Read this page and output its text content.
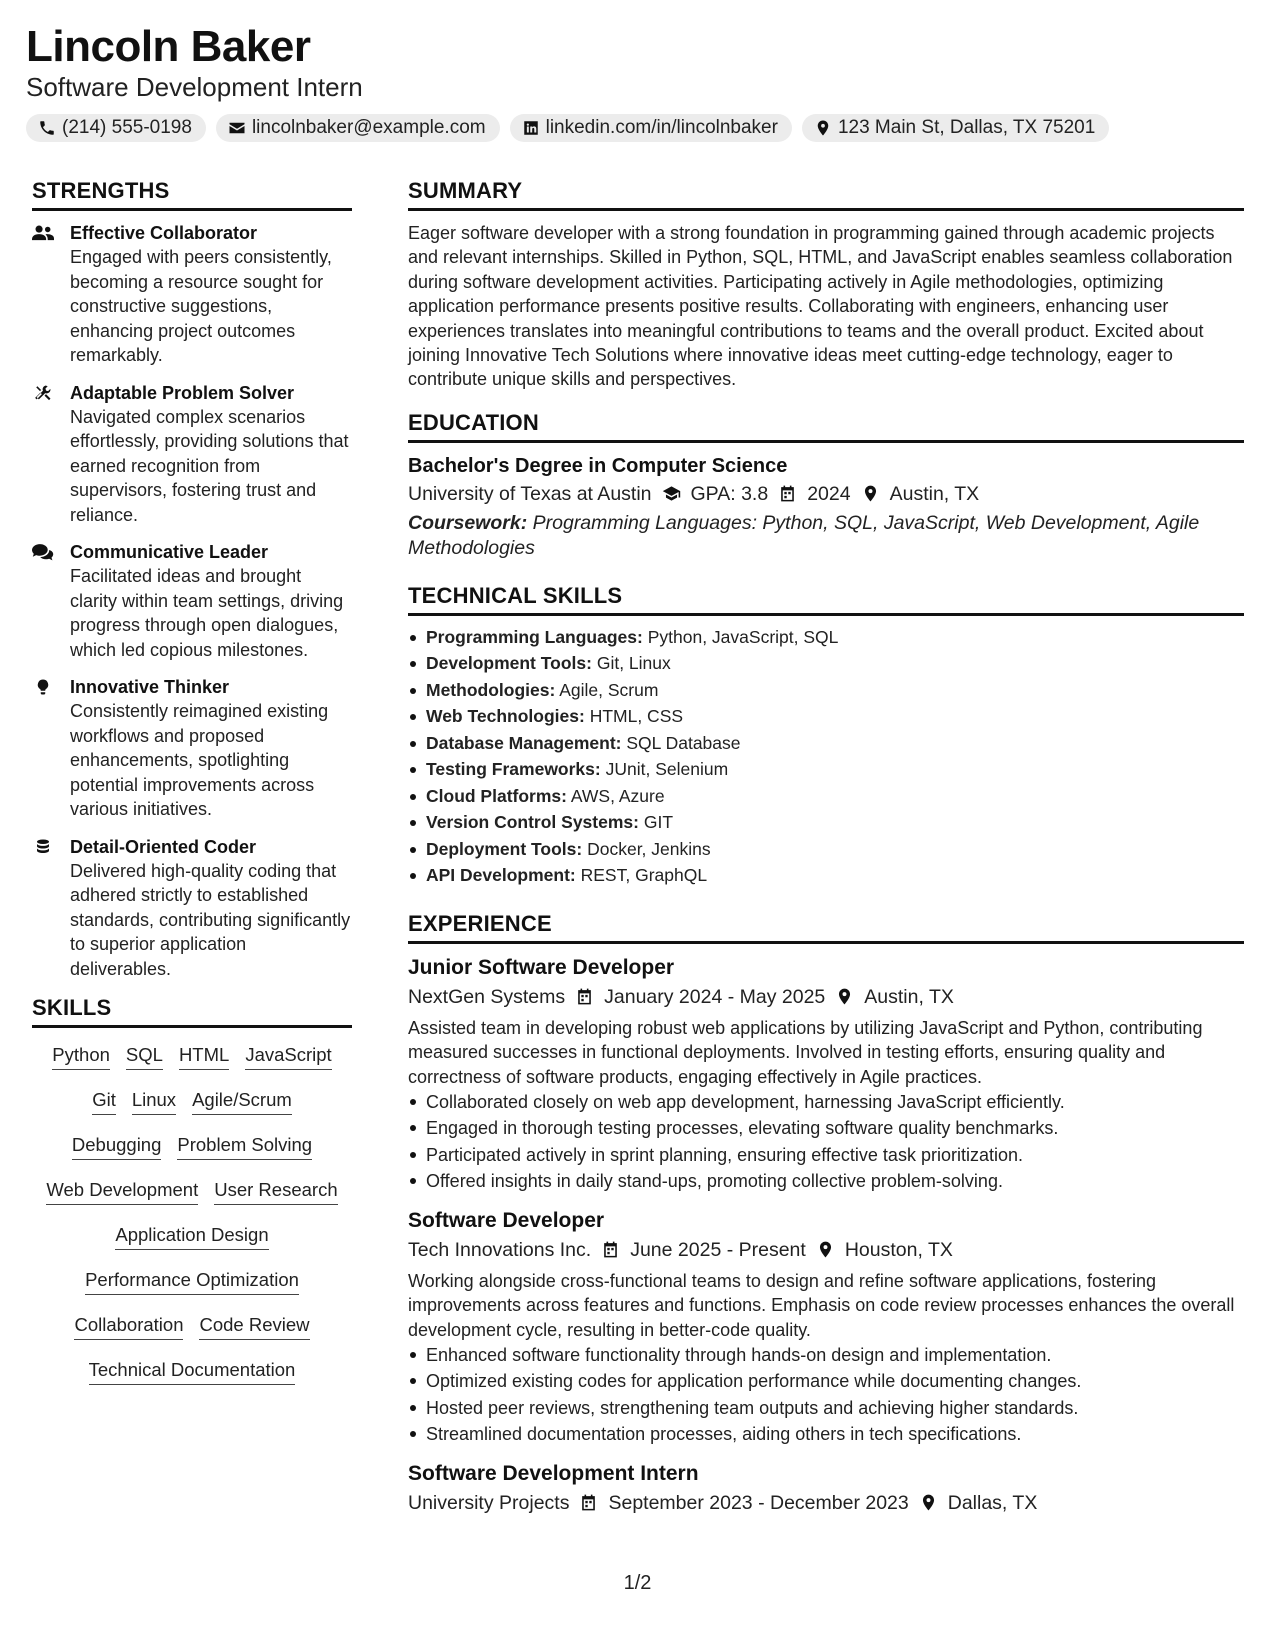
Lincoln Baker
Software Development Intern
(214) 555-0198	lincolnbaker@example.com	linkedin.com/in/lincolnbaker	123 Main St, Dallas, TX 75201
STRENGTHS
Effective Collaborator
Engaged with peers consistently, becoming a resource sought for constructive suggestions, enhancing project outcomes remarkably.
Adaptable Problem Solver
Navigated complex scenarios effortlessly, providing solutions that earned recognition from supervisors, fostering trust and reliance.
Communicative Leader
Facilitated ideas and brought clarity within team settings, driving progress through open dialogues, which led copious milestones.
Innovative Thinker
Consistently reimagined existing workflows and proposed enhancements, spotlighting potential improvements across various initiatives.
Detail-Oriented Coder
Delivered high-quality coding that adhered strictly to established standards, contributing significantly to superior application deliverables.
SKILLS
Python SQL HTML JavaScript
Git Linux Agile/Scrum
Debugging Problem Solving
Web Development User Research
Application Design
Performance Optimization
Collaboration Code Review
Technical Documentation
SUMMARY
Eager software developer with a strong foundation in programming gained through academic projects and relevant internships. Skilled in Python, SQL, HTML, and JavaScript enables seamless collaboration during software development activities. Participating actively in Agile methodologies, optimizing application performance presents positive results. Collaborating with engineers, enhancing user experiences translates into meaningful contributions to teams and the overall product. Excited about joining Innovative Tech Solutions where innovative ideas meet cutting-edge technology, eager to contribute unique skills and perspectives.
EDUCATION
Bachelor's Degree in Computer Science
University of Texas at Austin GPA: 3.8 2024 Austin, TX
Coursework: Programming Languages: Python, SQL, JavaScript, Web Development, Agile Methodologies
TECHNICAL SKILLS
Programming Languages: Python, JavaScript, SQL
Development Tools: Git, Linux
Methodologies: Agile, Scrum
Web Technologies: HTML, CSS
Database Management: SQL Database
Testing Frameworks: JUnit, Selenium
Cloud Platforms: AWS, Azure
Version Control Systems: GIT
Deployment Tools: Docker, Jenkins
API Development: REST, GraphQL
EXPERIENCE
Junior Software Developer
NextGen Systems January 2024 - May 2025 Austin, TX
Assisted team in developing robust web applications by utilizing JavaScript and Python, contributing measured successes in functional deployments. Involved in testing efforts, ensuring quality and correctness of software products, engaging effectively in Agile practices.
Collaborated closely on web app development, harnessing JavaScript efficiently.
Engaged in thorough testing processes, elevating software quality benchmarks.
Participated actively in sprint planning, ensuring effective task prioritization.
Offered insights in daily stand-ups, promoting collective problem-solving.
Software Developer
Tech Innovations Inc. June 2025 - Present Houston, TX
Working alongside cross-functional teams to design and refine software applications, fostering improvements across features and functions. Emphasis on code review processes enhances the overall development cycle, resulting in better-code quality.
Enhanced software functionality through hands-on design and implementation.
Optimized existing codes for application performance while documenting changes.
Hosted peer reviews, strengthening team outputs and achieving higher standards.
Streamlined documentation processes, aiding others in tech specifications.
Software Development Intern
University Projects September 2023 - December 2023 Dallas, TX
1/2
